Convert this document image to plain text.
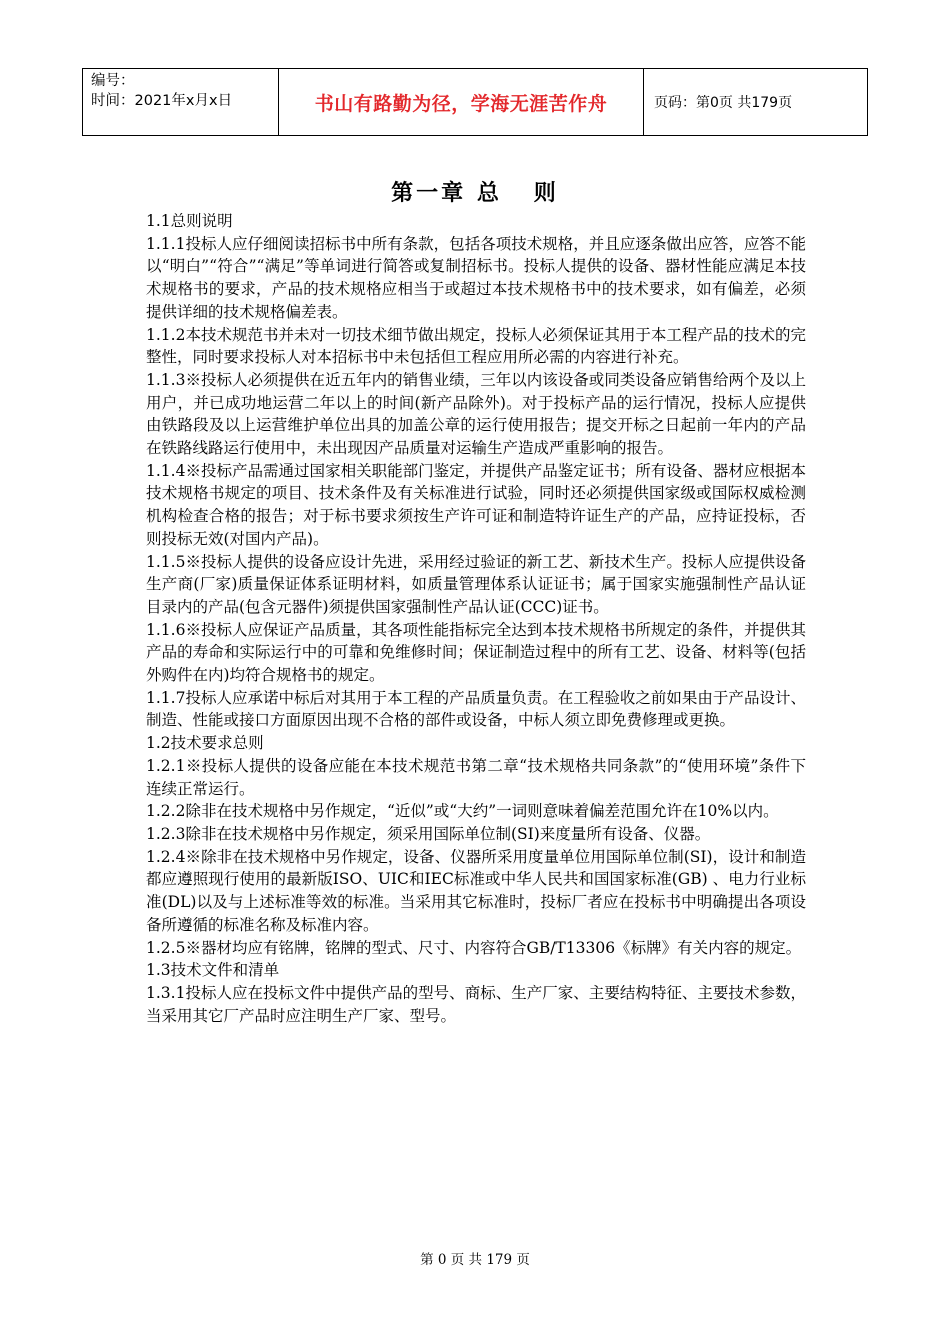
编号：
时间：2021年x月x日	书山有路勤为径，学海无涯苦作舟	页码：第0页 共179页
第一章 总   则

1.1总则说明

1.1.1投标人应仔细阅读招标书中所有条款，包括各项技术规格，并且应逐条做出应答，应答不能以“明白”“符合”“满足”等单词进行简答或复制招标书。投标人提供的设备、器材性能应满足本技术规格书的要求，产品的技术规格应相当于或超过本技术规格书中的技术要求，如有偏差，必须提供详细的技术规格偏差表。

1.1.2本技术规范书并未对一切技术细节做出规定，投标人必须保证其用于本工程产品的技术的完整性，同时要求投标人对本招标书中未包括但工程应用所必需的内容进行补充。

1.1.3※投标人必须提供在近五年内的销售业绩，三年以内该设备或同类设备应销售给两个及以上用户，并已成功地运营二年以上的时间(新产品除外)。对于投标产品的运行情况，投标人应提供由铁路段及以上运营维护单位出具的加盖公章的运行使用报告；提交开标之日起前一年内的产品在铁路线路运行使用中，未出现因产品质量对运输生产造成严重影响的报告。

1.1.4※投标产品需通过国家相关职能部门鉴定，并提供产品鉴定证书；所有设备、器材应根据本技术规格书规定的项目、技术条件及有关标准进行试验，同时还必须提供国家级或国际权威检测机构检查合格的报告；对于标书要求须按生产许可证和制造特许证生产的产品，应持证投标，否则投标无效(对国内产品)。

1.1.5※投标人提供的设备应设计先进，采用经过验证的新工艺、新技术生产。投标人应提供设备生产商(厂家)质量保证体系证明材料，如质量管理体系认证证书；属于国家实施强制性产品认证目录内的产品(包含元器件)须提供国家强制性产品认证(CCC)证书。

1.1.6※投标人应保证产品质量，其各项性能指标完全达到本技术规格书所规定的条件，并提供其产品的寿命和实际运行中的可靠和免维修时间；保证制造过程中的所有工艺、设备、材料等(包括外购件在内)均符合规格书的规定。

1.1.7投标人应承诺中标后对其用于本工程的产品质量负责。在工程验收之前如果由于产品设计、制造、性能或接口方面原因出现不合格的部件或设备，中标人须立即免费修理或更换。

1.2技术要求总则

1.2.1※投标人提供的设备应能在本技术规范书第二章“技术规格共同条款”的“使用环境”条件下连续正常运行。

1.2.2除非在技术规格中另作规定，“近似”或“大约”一词则意味着偏差范围允许在10%以内。

1.2.3除非在技术规格中另作规定，须采用国际单位制(SI)来度量所有设备、仪器。

1.2.4※除非在技术规格中另作规定，设备、仪器所采用度量单位用国际单位制(SI)，设计和制造都应遵照现行使用的最新版ISO、UIC和IEC标准或中华人民共和国国家标准(GB) 、电力行业标准(DL)以及与上述标准等效的标准。当采用其它标准时，投标厂者应在投标书中明确提出各项设备所遵循的标准名称及标准内容。

1.2.5※器材均应有铭牌，铭牌的型式、尺寸、内容符合GB/T13306《标牌》有关内容的规定。

1.3技术文件和清单

1.3.1投标人应在投标文件中提供产品的型号、商标、生产厂家、主要结构特征、主要技术参数，当采用其它厂产品时应注明生产厂家、型号。

第 0 页 共 179 页
